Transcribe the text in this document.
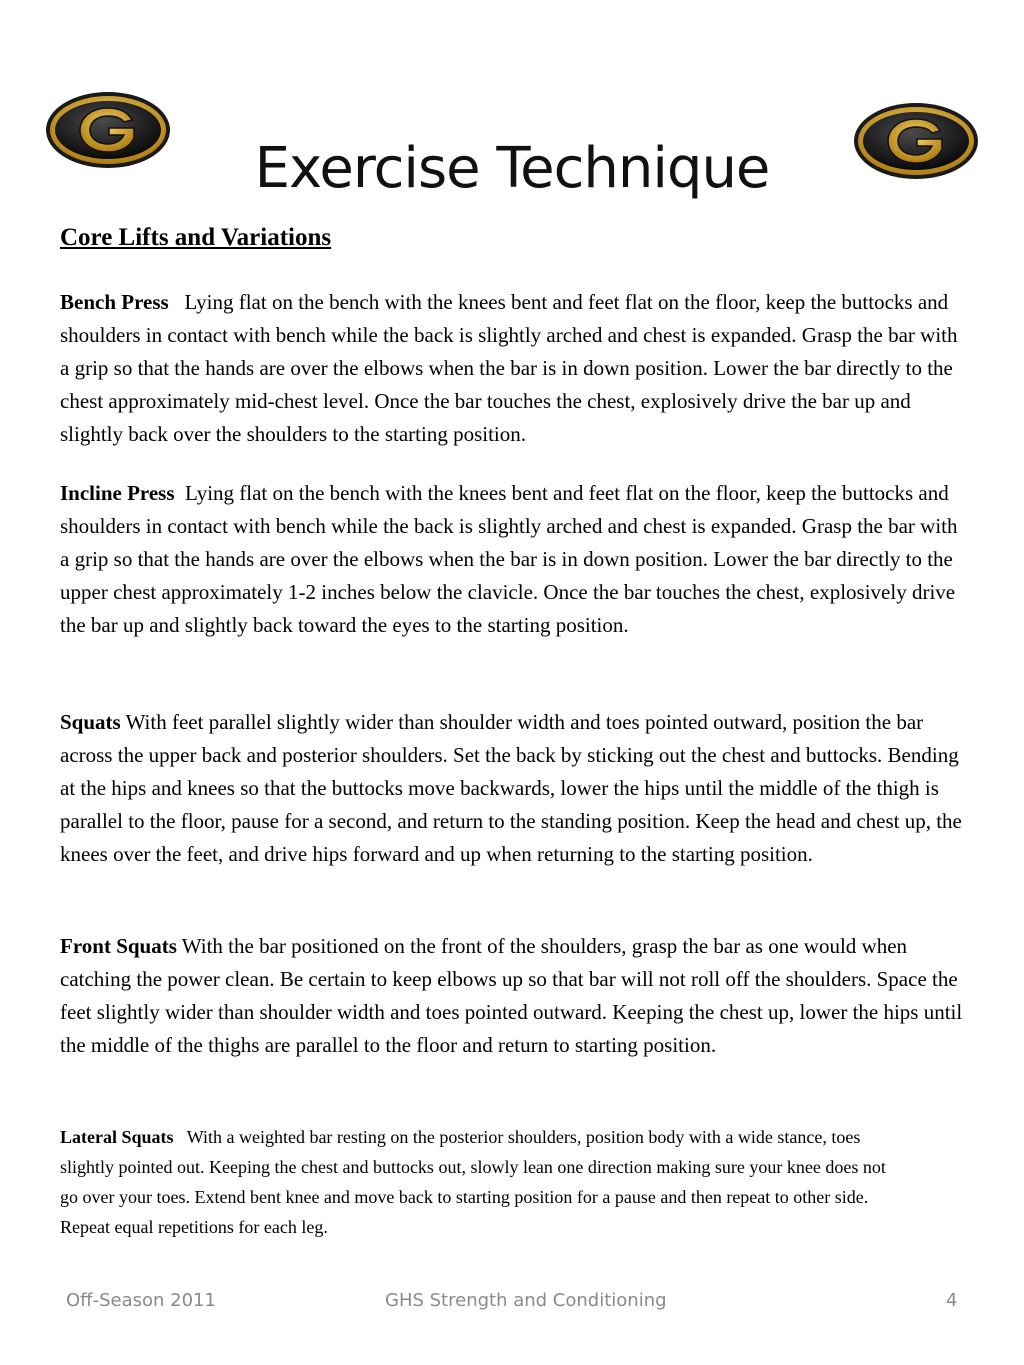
Exercise Technique
Core Lifts and Variations
Bench Press Lying flat on the bench with the knees bent and feet flat on the floor, keep the buttocks and shoulders in contact with bench while the back is slightly arched and chest is expanded. Grasp the bar with a grip so that the hands are over the elbows when the bar is in down position. Lower the bar directly to the chest approximately mid-chest level. Once the bar touches the chest, explosively drive the bar up and slightly back over the shoulders to the starting position.
Incline Press Lying flat on the bench with the knees bent and feet flat on the floor, keep the buttocks and shoulders in contact with bench while the back is slightly arched and chest is expanded. Grasp the bar with a grip so that the hands are over the elbows when the bar is in down position. Lower the bar directly to the upper chest approximately 1-2 inches below the clavicle. Once the bar touches the chest, explosively drive the bar up and slightly back toward the eyes to the starting position.
Squats With feet parallel slightly wider than shoulder width and toes pointed outward, position the bar across the upper back and posterior shoulders. Set the back by sticking out the chest and buttocks. Bending at the hips and knees so that the buttocks move backwards, lower the hips until the middle of the thigh is parallel to the floor, pause for a second, and return to the standing position. Keep the head and chest up, the knees over the feet, and drive hips forward and up when returning to the starting position.
Front Squats With the bar positioned on the front of the shoulders, grasp the bar as one would when catching the power clean. Be certain to keep elbows up so that bar will not roll off the shoulders. Space the feet slightly wider than shoulder width and toes pointed outward. Keeping the chest up, lower the hips until the middle of the thighs are parallel to the floor and return to starting position.
Lateral Squats With a weighted bar resting on the posterior shoulders, position body with a wide stance, toes slightly pointed out. Keeping the chest and buttocks out, slowly lean one direction making sure your knee does not go over your toes. Extend bent knee and move back to starting position for a pause and then repeat to other side. Repeat equal repetitions for each leg.
Off-Season 2011	GHS Strength and Conditioning	4
